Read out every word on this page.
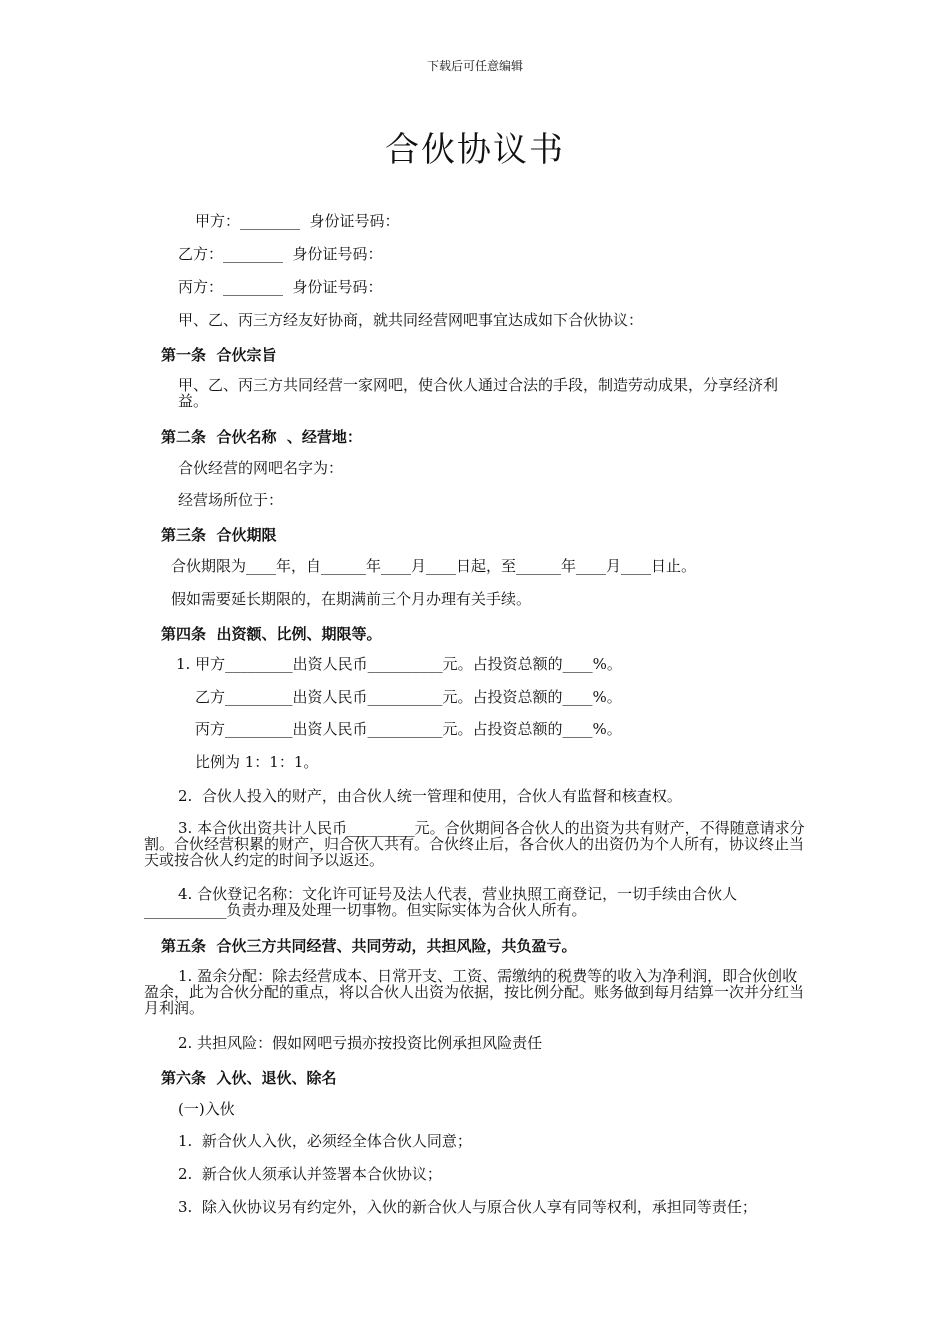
下载后可任意编辑
合伙协议书
甲方：________  身份证号码：
乙方：________  身份证号码：
丙方：________  身份证号码：
甲、乙、丙三方经友好协商，就共同经营网吧事宜达成如下合伙协议：
第一条  合伙宗旨
甲、乙、丙三方共同经营一家网吧，使合伙人通过合法的手段，制造劳动成果，分享经济利益。
第二条  合伙名称  、经营地：
合伙经营的网吧名字为：
经营场所位于：
第三条  合伙期限
合伙期限为____年，自______年____月____日起，至______年____月____日止。
假如需要延长期限的，在期满前三个月办理有关手续。
第四条  出资额、比例、期限等。
1. 甲方_________出资人民币__________元。占投资总额的____%。
乙方_________出资人民币__________元。占投资总额的____%。
丙方_________出资人民币__________元。占投资总额的____%。
比例为 1：1：1。
2.  合伙人投入的财产，由合伙人统一管理和使用，合伙人有监督和核查权。
3. 本合伙出资共计人民币_________元。合伙期间各合伙人的出资为共有财产，不得随意请求分割。合伙经营积累的财产，归合伙人共有。合伙终止后，各合伙人的出资仍为个人所有，协议终止当天或按合伙人约定的时间予以返还。
4. 合伙登记名称：文化许可证号及法人代表，营业执照工商登记，一切手续由合伙人___________负责办理及处理一切事物。但实际实体为合伙人所有。
第五条  合伙三方共同经营、共同劳动，共担风险，共负盈亏。
1. 盈余分配：除去经营成本、日常开支、工资、需缴纳的税费等的收入为净利润，即合伙创收盈余，此为合伙分配的重点，将以合伙人出资为依据，按比例分配。账务做到每月结算一次并分红当月利润。
2. 共担风险：假如网吧亏损亦按投资比例承担风险责任
第六条  入伙、退伙、除名
(一)入伙
1.  新合伙人入伙，必须经全体合伙人同意；
2.  新合伙人须承认并签署本合伙协议；
3.  除入伙协议另有约定外，入伙的新合伙人与原合伙人享有同等权利，承担同等责任；
